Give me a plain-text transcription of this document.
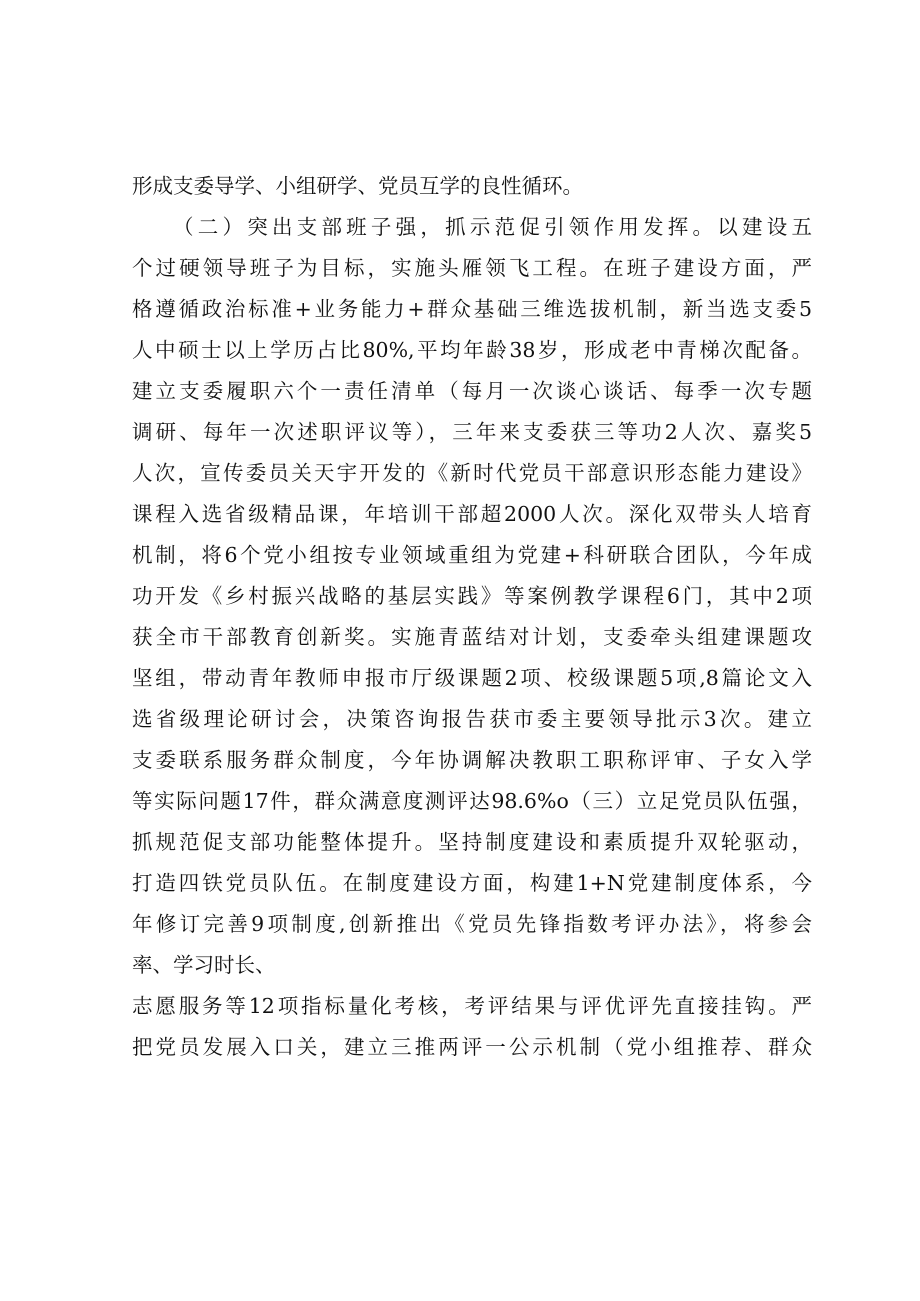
形成支委导学、小组研学、党员互学的良性循环。
（二）突出支部班子强，抓示范促引领作用发挥。以建设五
个过硬领导班子为目标，实施头雁领飞工程。在班子建设方面，严
格遵循政治标准+业务能力+群众基础三维选拔机制，新当选支委5
人中硕士以上学历占比80%,平均年龄38岁，形成老中青梯次配备。
建立支委履职六个一责任清单（每月一次谈心谈话、每季一次专题
调研、每年一次述职评议等），三年来支委获三等功2人次、嘉奖5
人次，宣传委员关天宇开发的《新时代党员干部意识形态能力建设》
课程入选省级精品课，年培训干部超2000人次。深化双带头人培育
机制，将6个党小组按专业领域重组为党建+科研联合团队，今年成
功开发《乡村振兴战略的基层实践》等案例教学课程6门，其中2项
获全市干部教育创新奖。实施青蓝结对计划，支委牵头组建课题攻
坚组，带动青年教师申报市厅级课题2项、校级课题5项,8篇论文入
选省级理论研讨会，决策咨询报告获市委主要领导批示3次。建立
支委联系服务群众制度，今年协调解决教职工职称评审、子女入学
等实际问题17件，群众满意度测评达98.6%o（三）立足党员队伍强，
抓规范促支部功能整体提升。坚持制度建设和素质提升双轮驱动，
打造四铁党员队伍。在制度建设方面，构建1+N党建制度体系，今
年修订完善9项制度,创新推出《党员先锋指数考评办法》，将参会
率、学习时长、
志愿服务等12项指标量化考核，考评结果与评优评先直接挂钩。严
把党员发展入口关，建立三推两评一公示机制（党小组推荐、群众
